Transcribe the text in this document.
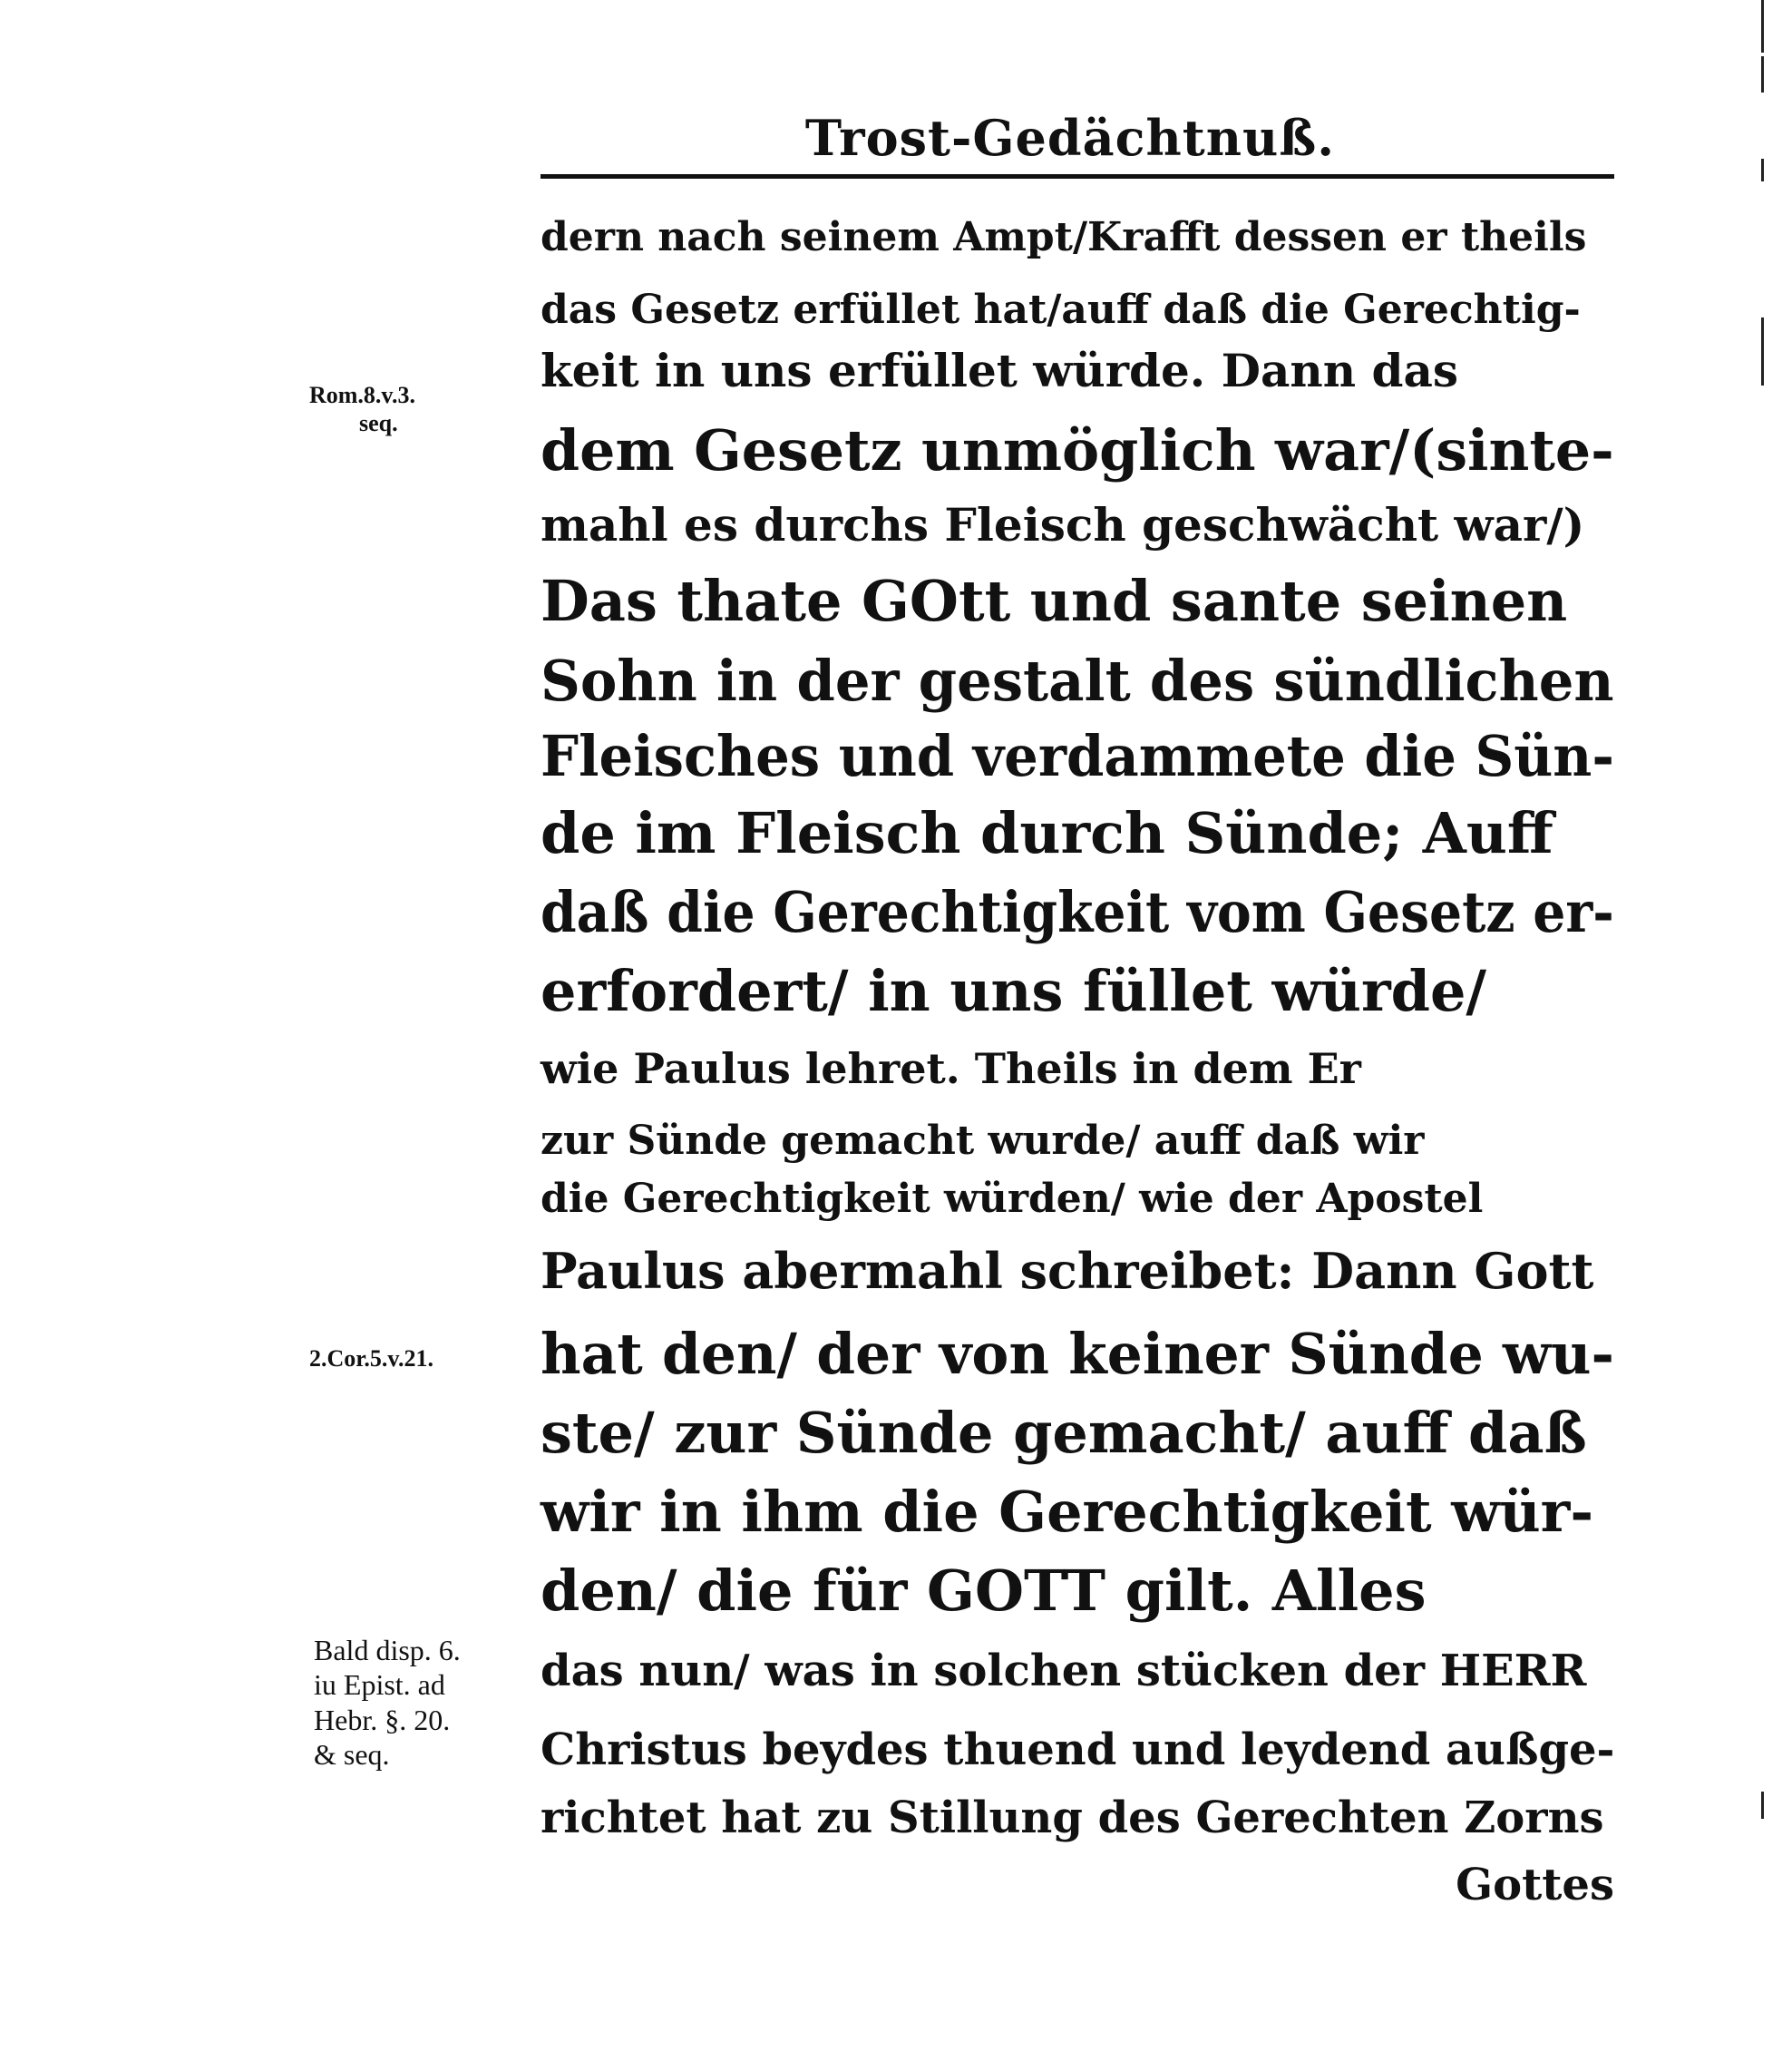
Trost-Gedächtnuß.
dern nach seinem Ampt/Krafft dessen er theils
das Gesetz erfüllet hat/auff daß die Gerechtig-
keit in uns erfüllet würde. Dann das
dem Gesetz unmöglich war/(sinte-
mahl es durchs Fleisch geschwächt war/)
Das thate GOtt und sante seinen
Sohn in der gestalt des sündlichen
Fleisches und verdammete die Sün-
de im Fleisch durch Sünde; Auff
daß die Gerechtigkeit vom Gesetz er-
erfordert/ in uns füllet würde/
wie Paulus lehret. Theils in dem Er
zur Sünde gemacht wurde/ auff daß wir
die Gerechtigkeit würden/ wie der Apostel
Paulus abermahl schreibet: Dann Gott
hat den/ der von keiner Sünde wu-
ste/ zur Sünde gemacht/ auff daß
wir in ihm die Gerechtigkeit wür-
den/ die für GOTT gilt. Alles
das nun/ was in solchen stücken der HERR
Christus beydes thuend und leydend außge-
richtet hat zu Stillung des Gerechten Zorns
Gottes
Rom.8.v.3.
seq.
2.Cor.5.v.21.
Bald disp. 6.
iu Epist. ad
Hebr. §. 20.
& seq.
